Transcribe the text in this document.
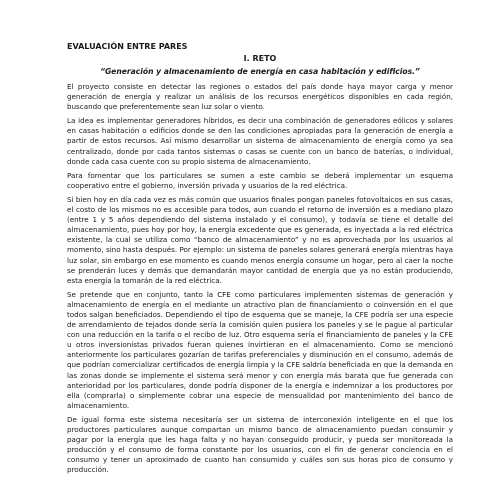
EVALUACIÓN ENTRE PARES
I. RETO
“Generación y almacenamiento de energía en casa habitación y edificios.”

El proyecto consiste en detectar las regiones o estados del país donde haya mayor carga y menor generación de energía y realizar un análisis de los recursos energéticos disponibles en cada región, buscando que preferentemente sean luz solar o viento.

La idea es implementar generadores híbridos, es decir una combinación de generadores eólicos y solares en casas habitación o edificios donde se den las condiciones apropiadas para la generación de energía a partir de estos recursos. Así mismo desarrollar un sistema de almacenamiento de energía como ya sea centralizado, donde por cada tantos sistemas o casas se cuente con un banco de baterías, o individual, donde cada casa cuente con su propio sistema de almacenamiento.

Para fomentar que los particulares se sumen a este cambio se deberá implementar un esquema cooperativo entre el gobierno, inversión privada y usuarios de la red eléctrica.

Si bien hoy en día cada vez es más común que usuarios finales pongan paneles fotovoltaicos en sus casas, el costo de los mismos no es accesible para todos, aun cuando el retorno de inversión es a mediano plazo (entre 1 y 5 años dependiendo del sistema instalado y el consumo), y todavía se tiene el detalle del almacenamiento, pues hoy por hoy, la energía excedente que es generada, es inyectada a la red eléctrica existente, la cual se utiliza como “banco de almacenamiento” y no es aprovechada por los usuarios al momento, sino hasta después. Por ejemplo: un sistema de paneles solares generará energía mientras haya luz solar, sin embargo en ese momento es cuando menos energía consume un hogar, pero al caer la noche se prenderán luces y demás que demandarán mayor cantidad de energía que ya no están produciendo, esta energía la tomarán de la red eléctrica.

Se pretende que en conjunto, tanto la CFE como particulares implementen sistemas de generación y almacenamiento de energía en el mediante un atractivo plan de financiamiento o coinversión en el que todos salgan beneficiados. Dependiendo el tipo de esquema que se maneje, la CFE podría ser una especie de arrendamiento de tejados donde sería la comisión quien pusiera los paneles y se le pague al particular con una reducción en la tarifa o el recibo de luz. Otro esquema sería el financiamiento de paneles y la CFE u otros inversionistas privados fueran quienes invirtieran en el almacenamiento. Como se mencionó anteriormente los particulares gozarían de tarifas preferenciales y disminución en el consumo, además de que podrían comercializar certificados de energía limpia y la CFE saldría beneficiada en que la demanda en las zonas donde se implemente el sistema será menor y con energía más barata que fue generada con anterioridad por los particulares, donde podría disponer de la energía e indemnizar a los productores por ella (comprarla) o simplemente cobrar una especie de mensualidad por mantenimiento del banco de almacenamiento.

De igual forma este sistema necesitaría ser un sistema de interconexión inteligente en el que los productores particulares aunque compartan un mismo banco de almacenamiento puedan consumir y pagar por la energía que les haga falta y no hayan conseguido producir, y pueda ser monitoreada la producción y el consumo de forma constante por los usuarios, con el fin de generar conciencia en el consumo y tener un aproximado de cuanto han consumido y cuáles son sus horas pico de consumo y producción.
